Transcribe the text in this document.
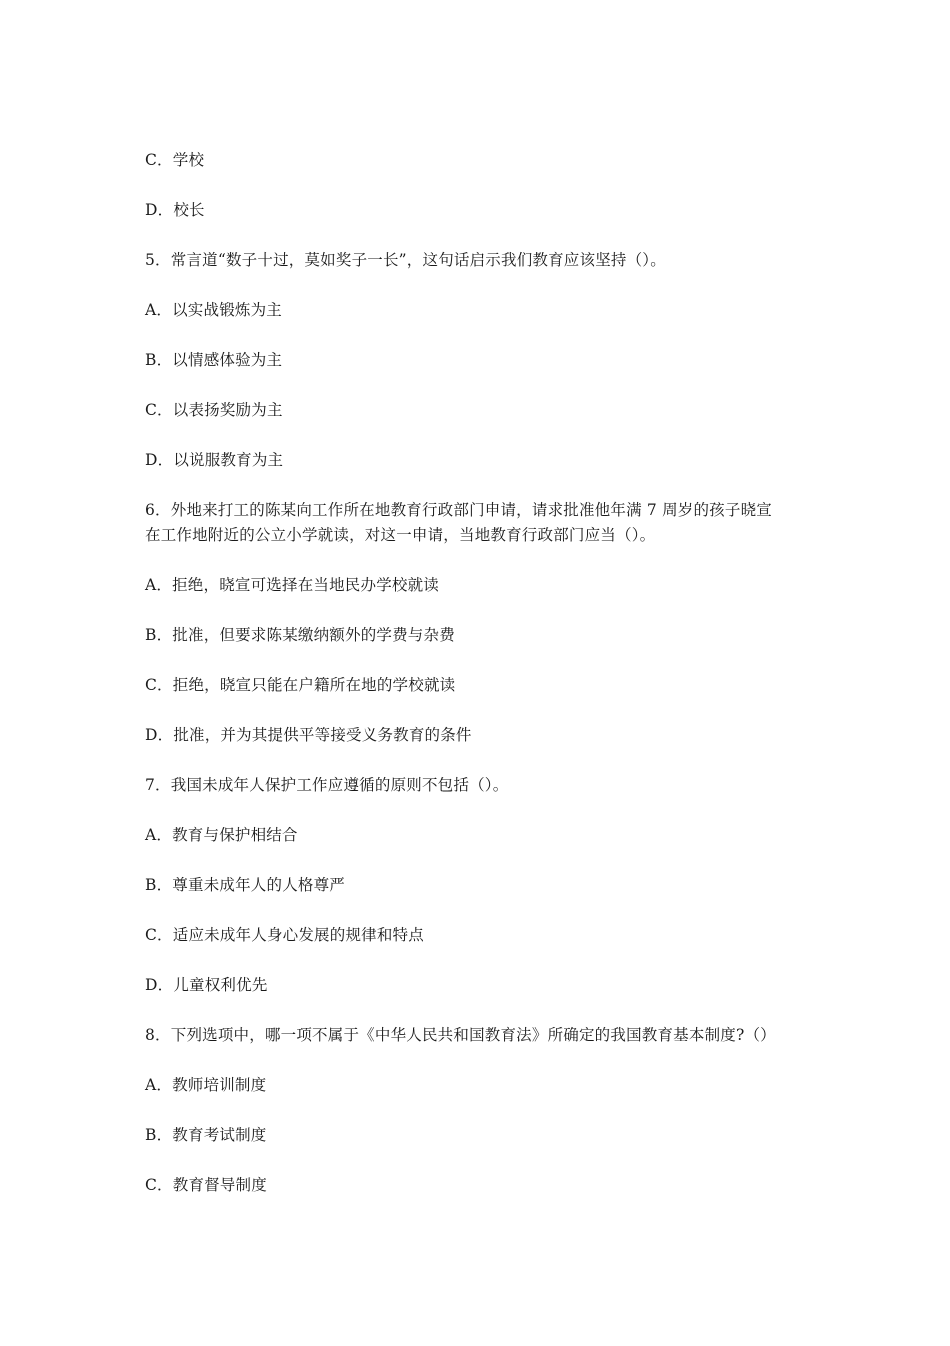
C．学校
D．校长
5．常言道“数子十过，莫如奖子一长”，这句话启示我们教育应该坚持（）。
A．以实战锻炼为主
B．以情感体验为主
C．以表扬奖励为主
D．以说服教育为主
6．外地来打工的陈某向工作所在地教育行政部门申请，请求批准他年满 7 周岁的孩子晓宣
在工作地附近的公立小学就读，对这一申请，当地教育行政部门应当（）。
A．拒绝，晓宣可选择在当地民办学校就读
B．批准，但要求陈某缴纳额外的学费与杂费
C．拒绝，晓宣只能在户籍所在地的学校就读
D．批准，并为其提供平等接受义务教育的条件
7．我国未成年人保护工作应遵循的原则不包括（）。
A．教育与保护相结合
B．尊重未成年人的人格尊严
C．适应未成年人身心发展的规律和特点
D．儿童权利优先
8．下列选项中，哪一项不属于《中华人民共和国教育法》所确定的我国教育基本制度?（）
A．教师培训制度
B．教育考试制度
C．教育督导制度
